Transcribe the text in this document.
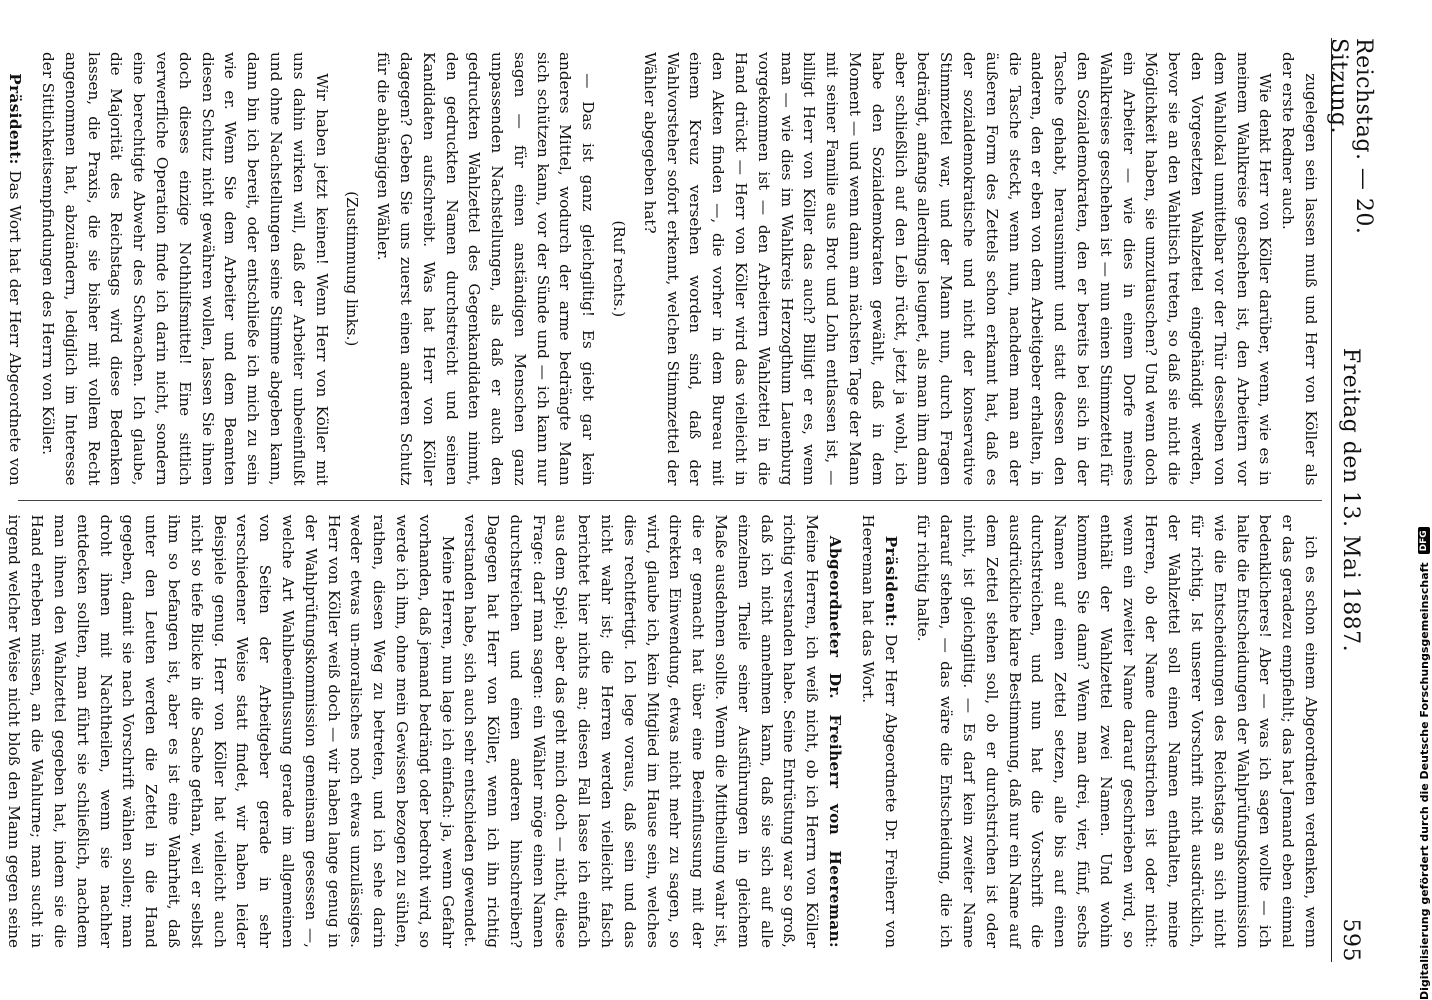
Reichstag. — 20. Sitzung.
Freitag den 13. Mai 1887.
595

zugelegen sein lassen muß und Herr von Köller als der erste Redner auch.

Wie denkt Herr von Köller darüber, wenn, wie es in meinem Wahlkreise geschehen ist, den Arbeitern vor dem Wahllokal unmittelbar vor der Thür desselben von den Vorgesetzten Wahlzettel eingehändigt werden, bevor sie an den Wahltisch treten, so daß sie nicht die Möglichkeit haben, sie umzutauschen? Und wenn doch ein Arbeiter — wie dies in einem Dorfe meines Wahlkreises geschehen ist — nun einen Stimmzettel für den Sozialdemokraten, den er bereits bei sich in der Tasche gehabt, herausnimmt und statt dessen den anderen, den er eben von dem Arbeitgeber erhalten, in die Tasche steckt, wenn nun, nachdem man an der äußeren Form des Zettels schon erkannt hat, daß es der sozialdemokratische und nicht der konservative Stimmzettel war, und der Mann nun, durch Fragen bedrängt, anfangs allerdings leugnet, als man ihm dann aber schließlich auf den Leib rückt, jetzt ja wohl, ich habe den Sozialdemokraten gewählt, daß in dem Moment — und wenn dann am nächsten Tage der Mann mit seiner Familie aus Brot und Lohn entlassen ist, — billigt Herr von Köller das auch? Billigt er es, wenn man — wie dies im Wahlkreis Herzogthum Lauenburg vorgekommen ist — den Arbeitern Wahlzettel in die Hand drückt — Herr von Köller wird das vielleicht in den Akten finden —, die vorher in dem Bureau mit einem Kreuz versehen worden sind, daß der Wahlvorsteher sofort erkennt, welchen Stimmzettel der Wähler abgegeben hat?

(Ruf rechts.)

— Das ist ganz gleichgiltig! Es giebt gar kein anderes Mittel, wodurch der arme bedrängte Mann sich schützen kann, vor der Sünde und — ich kann nur sagen — für einen anständigen Menschen ganz unpassenden Nachstellungen, als daß er auch den gedruckten Wahlzettel des Gegenkandidaten nimmt, den gedruckten Namen durchstreicht und seinen Kandidaten aufschreibt. Was hat Herr von Köller dagegen? Geben Sie uns zuerst einen anderen Schutz für die abhängigen Wähler.

(Zustimmung links.)

Wir haben jetzt keinen! Wenn Herr von Köller mit uns dahin wirken will, daß der Arbeiter unbeeinflußt und ohne Nachstellungen seine Stimme abgeben kann, dann bin ich bereit, oder entschließe ich mich zu sein wie er. Wenn Sie dem Arbeiter und dem Beamten diesen Schutz nicht gewähren wollen, lassen Sie ihnen doch dieses einzige Nothhilfsmittel! Eine sittlich verwerfliche Operation finde ich darin nicht, sondern eine berechtigte Abwehr des Schwachen. Ich glaube, die Majorität des Reichstags wird diese Bedenken lassen, die Praxis, die sie bisher mit vollem Recht angenommen hat, abzuändern, lediglich im Interesse der Sittlichkeitsempfindungen des Herrn von Köller.

Präsident: Das Wort hat der Herr Abgeordnete von

ich es schon einem Abgeordneten verdenken, wenn er das geradezu empfiehlt; das hat Jemand eben einmal bedenklicheres! Aber — was ich sagen wollte — ich halte die Entscheidungen der Wahlprüfungskommission wie die Entscheidungen des Reichstags an sich nicht für richtig. Ist unserer Vorschrift nicht ausdrücklich, der Wahlzettel soll einen Namen enthalten, meine Herren, ob der Name durchstrichen ist oder nicht: wenn ein zweiter Name darauf geschrieben wird, so enthält der Wahlzettel zwei Namen. Und wohin kommen Sie dann? Wenn man drei, vier, fünf, sechs Namen auf einen Zettel setzen, alle bis auf einen durchstreichen, und nun hat die Vorschrift die ausdrückliche klare Bestimmung, daß nur ein Name auf dem Zettel stehen soll, ob er durchstrichen ist oder nicht, ist gleichgiltig. — Es darf kein zweiter Name darauf stehen, — das wäre die Entscheidung, die ich für richtig halte.

Präsident: Der Herr Abgeordnete Dr. Freiherr von Heereman hat das Wort.

Abgeordneter Dr. Freiherr von Heereman: Meine Herren, ich weiß nicht, ob ich Herrn von Köller richtig verstanden habe. Seine Entrüstung war so groß, daß ich nicht annehmen kann, daß sie sich auf alle einzelnen Theile seiner Ausführungen in gleichem Maße ausdehnen sollte. Wenn die Mittheilung wahr ist, die er gemacht hat über eine Beeinflussung mit der direkten Einwendung, etwas nicht mehr zu sagen, so wird, glaube ich, kein Mitglied im Hause sein, welches dies rechtfertigt. Ich lege voraus, daß sein und das nicht wahr ist; die Herren werden vielleicht falsch berichtet hier nichts an; diesen Fall lasse ich einfach aus dem Spiel; aber das geht mich doch — nicht, diese Frage: darf man sagen: ein Wähler möge einen Namen durchstreichen und einen anderen hinschreiben? Dagegen hat Herr von Köller, wenn ich ihn richtig verstanden habe, sich auch sehr entschieden gewendet.

Meine Herren, nun lage ich einfach: ja, wenn Gefahr vorhanden, daß jemand bedrängt oder bedroht wird, so werde ich ihm, ohne mein Gewissen bezogen zu sühlen, rathen, diesen Weg zu betreten, und ich sehe darin weder etwas un-moralisches noch etwas unzulässiges. Herr von Köller weiß doch — wir haben lange genug in der Wahlprüfungskommission gemeinsam gesessen —, welche Art Wahlbeeinflussung gerade im allgemeinen von Seiten der Arbeitgeber gerade in sehr verschiedener Weise statt findet, wir haben leider Beispiele genug. Herr von Köller hat vielleicht auch nicht so tiefe Blicke in die Sache gethan, weil er selbst ihm so befangen ist, aber es ist eine Wahrheit, daß unter den Leuten werden die Zettel in die Hand gegeben, damit sie nach Vorschrift wählen sollen; man droht ihnen mit Nachtheilen, wenn sie nachher entdecken sollten, man führt sie schließlich, nachdem man ihnen den Wahlzettel gegeben hat, indem sie die Hand erheben müssen, an die Wahlurne; man sucht in irgend welcher Weise nicht bloß den Mann gegen seine	Digitalisierung gefördert durch die Deutsche Forschungsgemeinschaft
DFG
